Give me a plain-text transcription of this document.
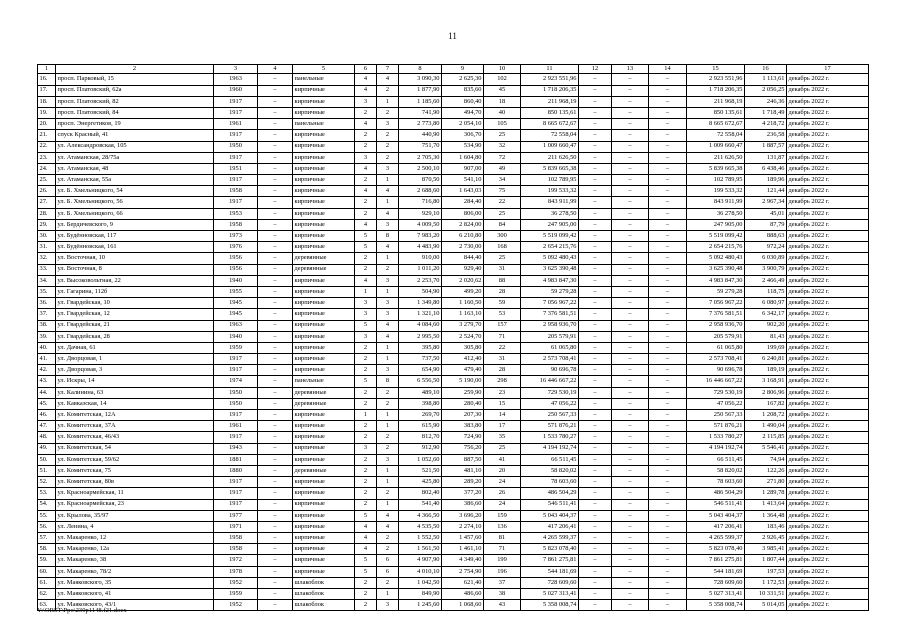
11
1	2	3	4	5	6	7	8	9	10	11	12	13	14	15	16	17
16.	просп. Парковый, 15	1963	–	панельные	4	4	3 090,30	2 625,30	102	2 923 551,96	–	–	–	2 923 551,96	1 113,61	декабрь 2022 г.
17.	просп. Платовский, 62а	1960	–	кирпичные	4	2	1 877,90	835,60	45	1 718 206,35	–	–	–	1 718 206,35	2 056,25	декабрь 2022 г.
18.	просп. Платовский, 82	1917	–	кирпичные	3	1	1 185,60	860,40	18	211 968,19	–	–	–	211 968,19	246,36	декабрь 2022 г.
19.	просп. Платовский, 84	1917	–	кирпичные	2	2	741,90	494,70	40	850 135,61	–	–	–	850 135,61	1 718,49	декабрь 2022 г.
20.	просп. Энергетиков, 19	1961	–	панельные	4	3	2 773,80	2 054,10	105	8 665 672,67	–	–	–	8 665 672,67	4 218,72	декабрь 2022 г.
21.	спуск Красный, 41	1917	–	кирпичные	2	2	440,90	306,70	25	72 558,04	–	–	–	72 558,04	236,58	декабрь 2022 г.
22.	ул. Александровская, 105	1950	–	кирпичные	2	2	751,70	534,90	32	1 009 660,47	–	–	–	1 009 660,47	1 887,57	декабрь 2022 г.
23.	ул. Атаманская, 28/75а	1917	–	кирпичные	3	2	2 705,30	1 604,80	72	211 626,50	–	–	–	211 626,50	131,87	декабрь 2022 г.
24.	ул. Атаманская, 48	1951	–	кирпичные	4	3	2 500,10	907,00	49	5 839 665,38	–	–	–	5 839 665,38	6 438,46	декабрь 2022 г.
25.	ул. Атаманская, 55а	1917	–	кирпичные	2	1	870,50	541,10	34	102 789,95	–	–	–	102 789,95	189,96	декабрь 2022 г.
26.	ул. Б. Хмельницкого, 54	1958	–	кирпичные	4	4	2 688,60	1 643,03	75	199 533,32	–	–	–	199 533,32	121,44	декабрь 2022 г.
27.	ул. Б. Хмельницкого, 56	1917	–	кирпичные	2	1	716,80	284,40	22	843 911,99	–	–	–	843 911,99	2 967,34	декабрь 2022 г.
28.	ул. Б. Хмельницкого, 66	1953	–	кирпичные	2	4	929,10	806,00	25	36 278,50	–	–	–	36 278,50	45,01	декабрь 2022 г.
29.	ул. Бердичевского, 9	1958	–	кирпичные	4	3	4 009,50	2 824,00	84	247 905,00	–	–	–	247 905,00	87,79	декабрь 2022 г.
30.	ул. Будённовская, 117	1973	–	кирпичные	5	8	7 983,20	6 210,80	300	5 519 099,42	–	–	–	5 519 099,42	888,63	декабрь 2022 г.
31.	ул. Будённовская, 161	1976	–	кирпичные	5	4	4 483,90	2 730,00	168	2 654 215,76	–	–	–	2 654 215,76	972,24	декабрь 2022 г.
32.	ул. Восточная, 10	1956	–	деревянные	2	1	910,00	844,40	25	5 092 480,43	–	–	–	5 092 480,43	6 030,89	декабрь 2022 г.
33.	ул. Восточная, 8	1956	–	деревянные	2	2	1 011,20	929,40	31	3 625 390,48	–	–	–	3 625 390,48	3 900,79	декабрь 2022 г.
34.	ул. Высоковольтная, 22	1940	–	кирпичные	4	3	2 253,70	2 020,62	88	4 983 847,30	–	–	–	4 983 847,30	2 466,49	декабрь 2022 г.
35.	ул. Гагарина, 112б	1955	–	кирпичные	1	1	504,90	499,20	28	59 279,28	–	–	–	59 279,28	118,75	декабрь 2022 г.
36.	ул. Гвардейская, 10	1945	–	кирпичные	3	3	1 349,80	1 160,50	59	7 056 967,22	–	–	–	7 056 967,22	6 080,97	декабрь 2022 г.
37.	ул. Гвардейская, 12	1945	–	кирпичные	3	3	1 321,10	1 163,10	53	7 376 581,51	–	–	–	7 376 581,51	6 342,17	декабрь 2022 г.
38.	ул. Гвардейская, 21	1963	–	кирпичные	5	4	4 084,60	3 279,70	157	2 958 936,70	–	–	–	2 958 936,70	902,20	декабрь 2022 г.
39.	ул. Гвардейская, 28	1940	–	кирпичные	3	4	2 995,50	2 524,70	71	205 579,91	–	–	–	205 579,91	81,43	декабрь 2022 г.
40.	ул. Дачная, 61	1959	–	кирпичные	2	1	395,80	305,80	22	61 065,80	–	–	–	61 065,80	199,69	декабрь 2022 г.
41.	ул. Дворцовая, 1	1917	–	кирпичные	2	1	737,50	412,40	31	2 573 708,41	–	–	–	2 573 708,41	6 240,81	декабрь 2022 г.
42.	ул. Дворцовая, 3	1917	–	кирпичные	2	3	654,90	479,40	28	90 696,78	–	–	–	90 696,78	189,19	декабрь 2022 г.
43.	ул. Искры, 14	1974	–	панельные	5	8	6 556,50	5 190,00	298	16 446 667,22	–	–	–	16 446 667,22	3 168,91	декабрь 2022 г.
44.	ул. Калинина, 63	1950	–	деревянные	2	2	489,10	259,90	23	729 530,19	–	–	–	729 530,19	2 806,96	декабрь 2022 г.
45.	ул. Кавказская, 14	1950	–	деревянные	2	2	398,80	280,40	15	47 056,22	–	–	–	47 056,22	167,82	декабрь 2022 г.
46.	ул. Комитетская, 12А	1917	–	кирпичные	1	1	269,70	207,30	14	250 567,33	–	–	–	250 567,33	1 208,72	декабрь 2022 г.
47.	ул. Комитетская, 37А	1961	–	кирпичные	2	1	615,90	383,80	17	571 876,21	–	–	–	571 876,21	1 490,04	декабрь 2022 г.
48.	ул. Комитетская, 46/43	1917	–	кирпичные	2	2	812,70	724,90	35	1 533 780,27	–	–	–	1 533 780,27	2 115,85	декабрь 2022 г.
49.	ул. Комитетская, 54	1943	–	кирпичные	3	2	912,90	756,20	25	4 194 192,74	–	–	–	4 194 192,74	5 546,41	декабрь 2022 г.
50.	ул. Комитетская, 59/62	1881	–	кирпичные	2	3	1 052,60	887,50	41	66 511,45	–	–	–	66 511,45	74,94	декабрь 2022 г.
51.	ул. Комитетская, 75	1880	–	деревянные	2	1	521,50	481,10	20	58 820,02	–	–	–	58 820,02	122,26	декабрь 2022 г.
52.	ул. Комитетская, 80в	1917	–	кирпичные	2	1	425,80	289,20	24	78 603,60	–	–	–	78 603,60	271,80	декабрь 2022 г.
53.	ул. Красноармейская, 11	1917	–	кирпичные	2	2	802,40	377,20	26	486 504,29	–	–	–	486 504,29	1 289,78	декабрь 2022 г.
54.	ул. Красноармейская, 23	1917	–	кирпичные	2	1	541,40	386,60	24	546 511,41	–	–	–	546 511,41	1 413,64	декабрь 2022 г.
55.	ул. Крылова, 35/97	1977	–	кирпичные	5	4	4 366,50	3 696,20	159	5 043 404,37	–	–	–	5 043 404,37	1 364,48	декабрь 2022 г.
56.	ул. Ленина, 4	1971	–	кирпичные	4	4	4 535,50	2 274,10	136	417 206,41	–	–	–	417 206,41	183,46	декабрь 2022 г.
57.	ул. Макаренко, 12	1958	–	кирпичные	4	2	1 552,50	1 457,60	81	4 265 599,37	–	–	–	4 265 599,37	2 926,45	декабрь 2022 г.
58.	ул. Макаренко, 12а	1958	–	кирпичные	4	2	1 561,50	1 461,10	71	5 823 078,40	–	–	–	5 823 078,40	3 985,41	декабрь 2022 г.
59.	ул. Макаренко, 38	1972	–	кирпичные	5	6	4 907,90	4 349,40	199	7 861 275,81	–	–	–	7 861 275,81	1 807,44	декабрь 2022 г.
60.	ул. Макаренко, 78/2	1978	–	кирпичные	5	6	4 010,10	2 754,90	196	544 181,69	–	–	–	544 181,69	197,53	декабрь 2022 г.
61.	ул. Маяковского, 35	1952	–	шлакоблок	2	2	1 042,50	621,40	37	728 609,60	–	–	–	728 609,60	1 172,53	декабрь 2022 г.
62.	ул. Маяковского, 41	1959	–	шлакоблок	2	1	849,90	486,60	38	5 027 313,41	–	–	–	5 027 313,41	10 331,51	декабрь 2022 г.
63.	ул. Маяковского, 43/1	1952	–	шлакоблок	2	3	1 245,60	1 068,60	43	5 358 008,74	–	–	–	5 358 008,74	5 014,05	декабрь 2022 г.
Y:\ORST\Ppo\230p1148.f21.docx
